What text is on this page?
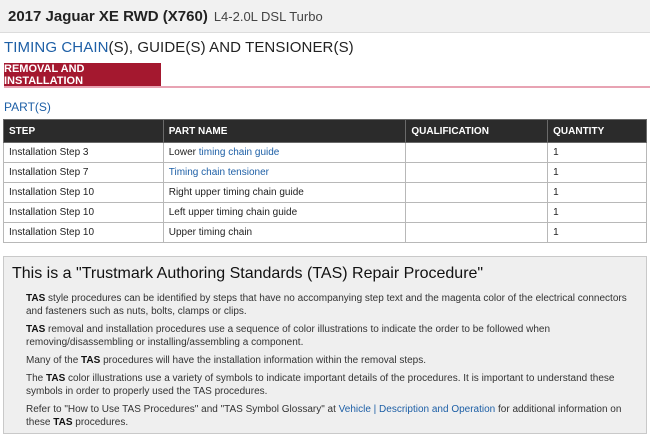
2017 Jaguar XE RWD (X760) L4-2.0L DSL Turbo
TIMING CHAIN(S), GUIDE(S) AND TENSIONER(S)
REMOVAL AND INSTALLATION
PART(S)
STEP	PART NAME	QUALIFICATION	QUANTITY
Installation Step 3	Lower timing chain guide		1
Installation Step 7	Timing chain tensioner		1
Installation Step 10	Right upper timing chain guide		1
Installation Step 10	Left upper timing chain guide		1
Installation Step 10	Upper timing chain		1
This is a "Trustmark Authoring Standards (TAS) Repair Procedure"

TAS style procedures can be identified by steps that have no accompanying step text and the magenta color of the electrical connectors and fasteners such as nuts, bolts, clamps or clips.

TAS removal and installation procedures use a sequence of color illustrations to indicate the order to be followed when removing/disassembling or installing/assembling a component.

Many of the TAS procedures will have the installation information within the removal steps.

The TAS color illustrations use a variety of symbols to indicate important details of the procedures. It is important to understand these symbols in order to properly used the TAS procedures.

Refer to "How to Use TAS Procedures" and "TAS Symbol Glossary" at Vehicle | Description and Operation for additional information on these TAS procedures.
